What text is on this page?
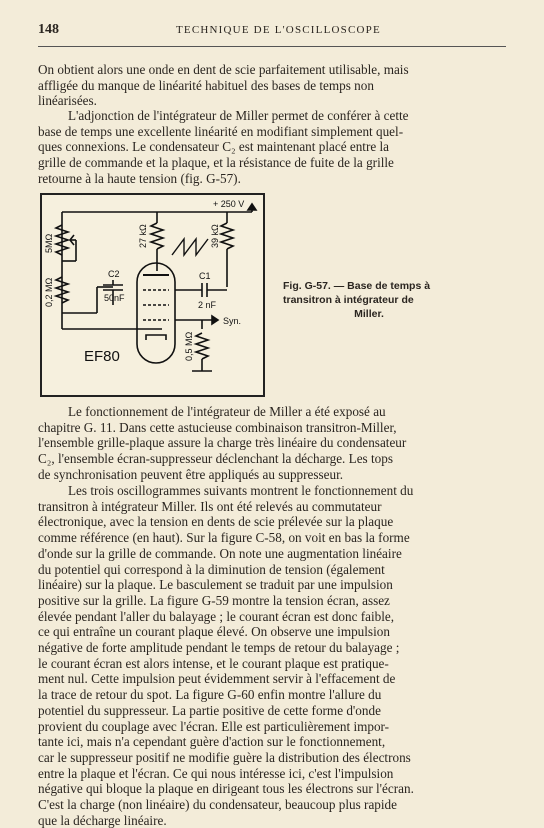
148	TECHNIQUE DE L'OSCILLOSCOPE

On obtient alors une onde en dent de scie parfaitement utilisable, mais
affligée du manque de linéarité habituel des bases de temps non
linéarisées.

L'adjonction de l'intégrateur de Miller permet de conférer à cette
base de temps une excellente linéarité en modifiant simplement quel-
ques connexions. Le condensateur C₂ est maintenant placé entre la
grille de commande et la plaque, et la résistance de fuite de la grille
retourne à la haute tension (fig. G-57).

+ 250 V
5MΩ
0,2 MΩ
27 kΩ	39 kΩ
0,5 MΩ
C2
50nF
C1
2 nF
Syn.
EF80
Fig. G-57. — Base de temps à
transitron à intégrateur de
Miller.

Le fonctionnement de l'intégrateur de Miller a été exposé au
chapitre G. 11. Dans cette astucieuse combinaison transitron-Miller,
l'ensemble grille-plaque assure la charge très linéaire du condensateur
C₂, l'ensemble écran-suppresseur déclenchant la décharge. Les tops
de synchronisation peuvent être appliqués au suppresseur.

Les trois oscillogrammes suivants montrent le fonctionnement du
transitron à intégrateur Miller. Ils ont été relevés au commutateur
électronique, avec la tension en dents de scie prélevée sur la plaque
comme référence (en haut). Sur la figure C-58, on voit en bas la forme
d'onde sur la grille de commande. On note une augmentation linéaire
du potentiel qui correspond à la diminution de tension (également
linéaire) sur la plaque. Le basculement se traduit par une impulsion
positive sur la grille. La figure G-59 montre la tension écran, assez
élevée pendant l'aller du balayage ; le courant écran est donc faible,
ce qui entraîne un courant plaque élevé. On observe une impulsion
négative de forte amplitude pendant le temps de retour du balayage ;
le courant écran est alors intense, et le courant plaque est pratique-
ment nul. Cette impulsion peut évidemment servir à l'effacement de
la trace de retour du spot. La figure G-60 enfin montre l'allure du
potentiel du suppresseur. La partie positive de cette forme d'onde
provient du couplage avec l'écran. Elle est particulièrement impor-
tante ici, mais n'a cependant guère d'action sur le fonctionnement,
car le suppresseur positif ne modifie guère la distribution des électrons
entre la plaque et l'écran. Ce qui nous intéresse ici, c'est l'impulsion
négative qui bloque la plaque en dirigeant tous les électrons sur l'écran.
C'est la charge (non linéaire) du condensateur, beaucoup plus rapide
que la décharge linéaire.
